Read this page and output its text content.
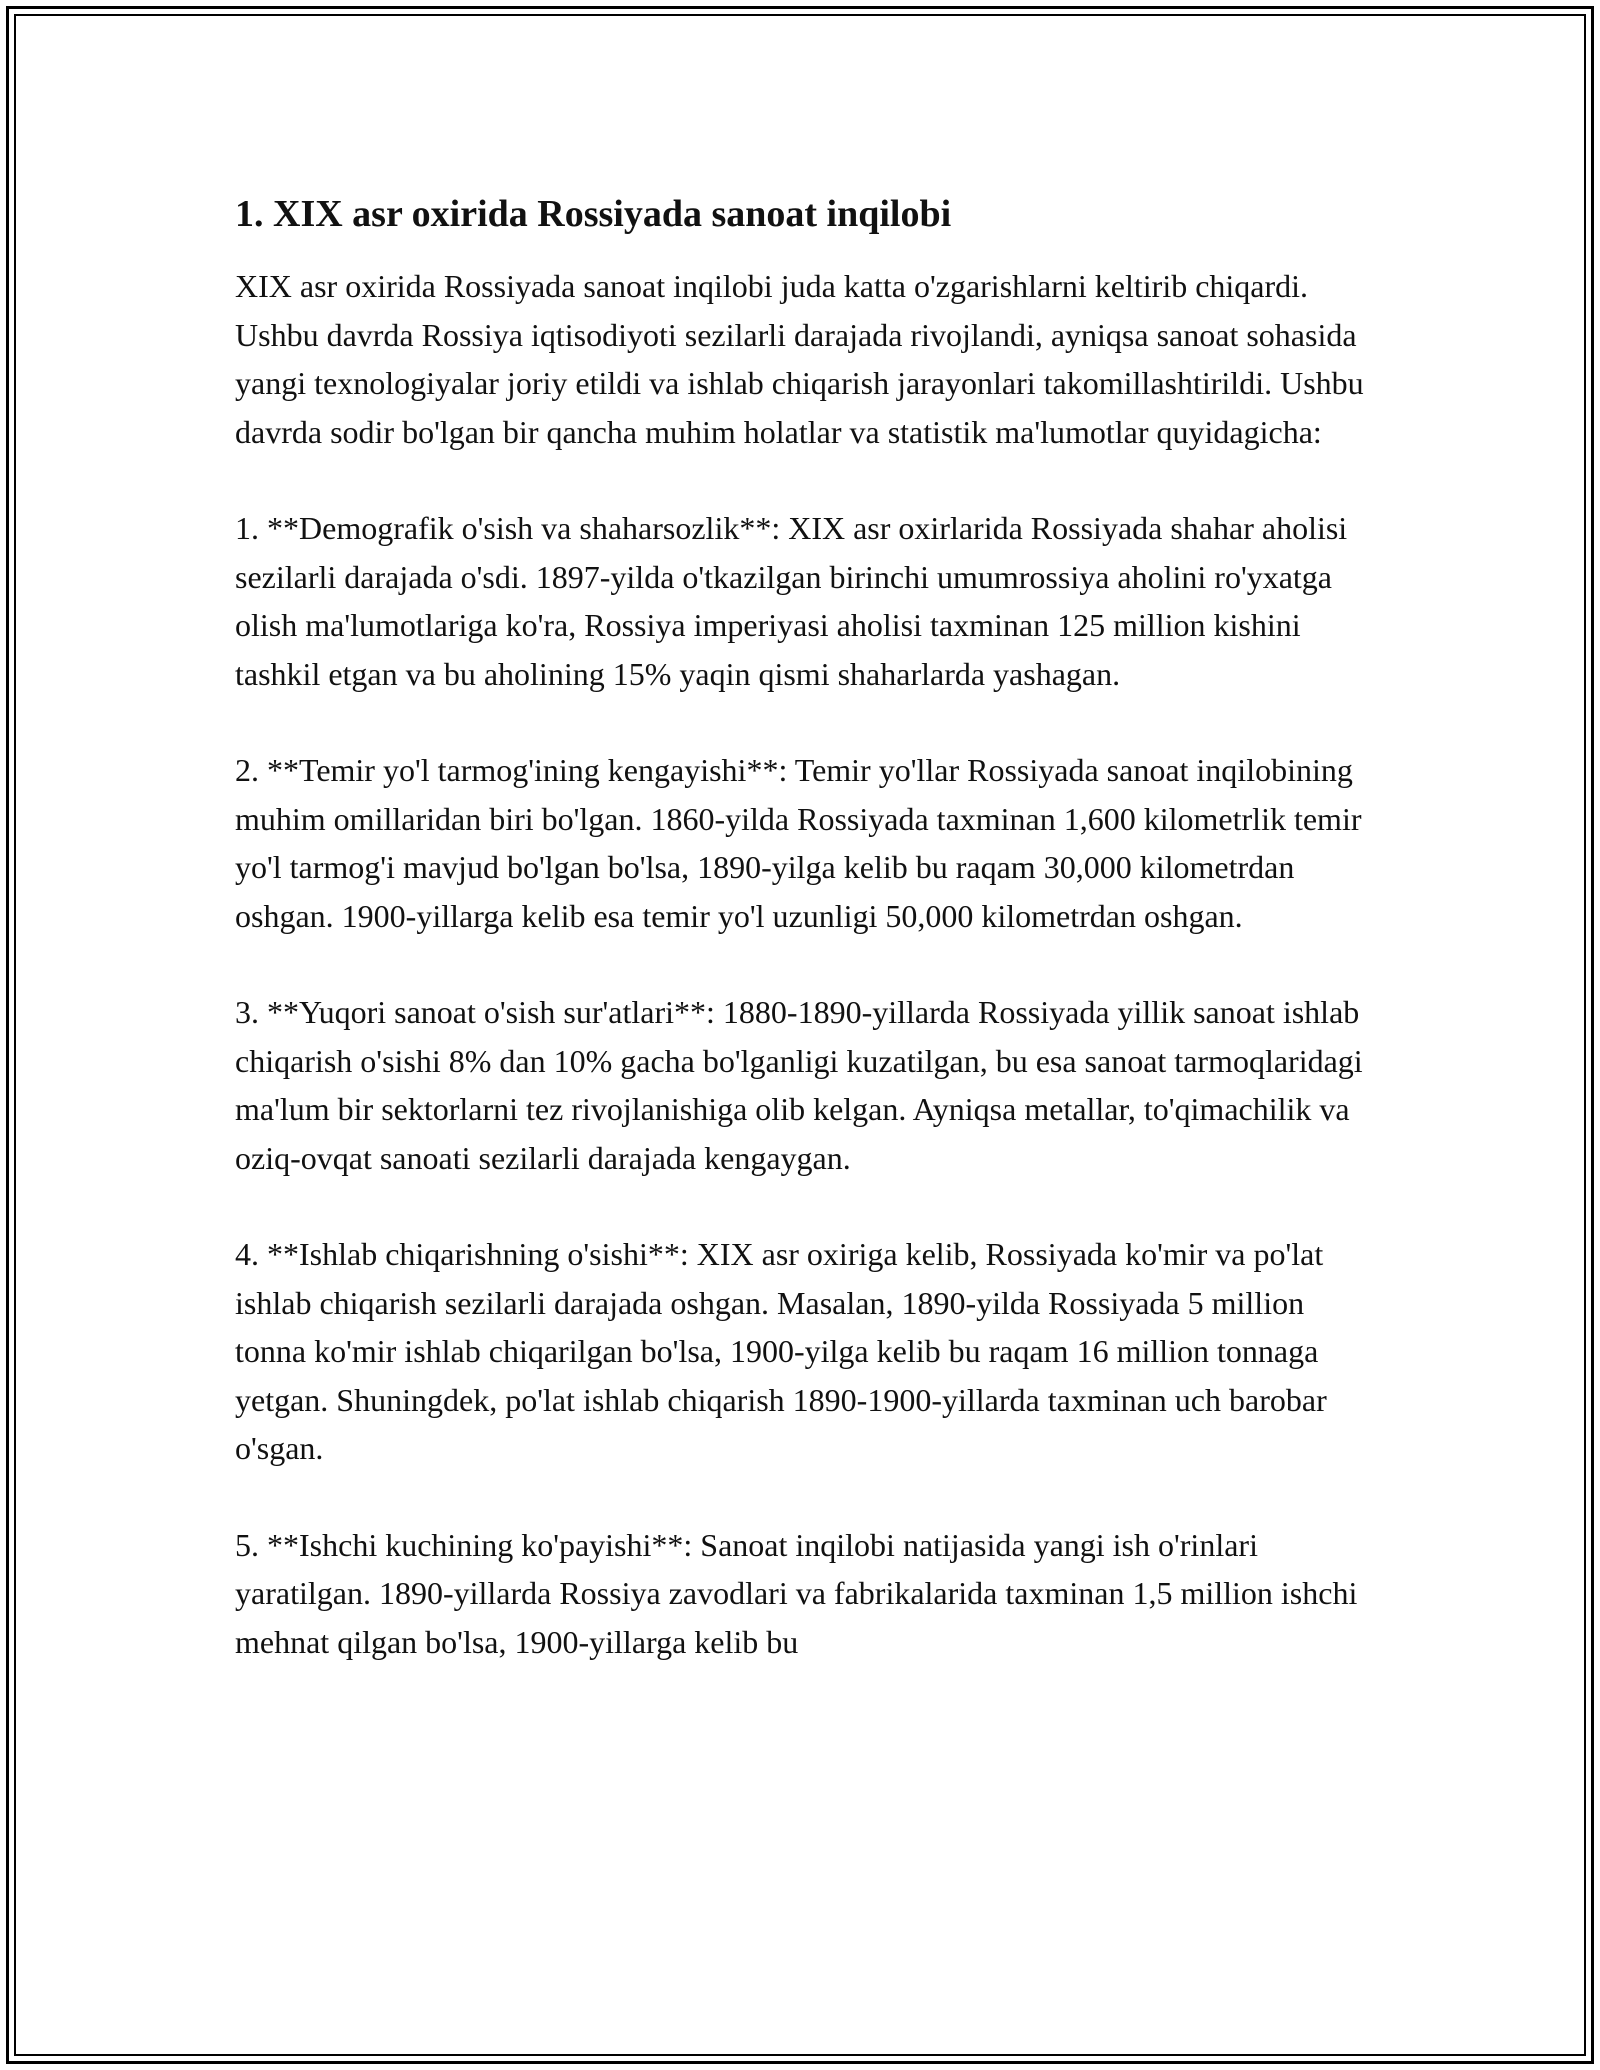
1. XIX asr oxirida Rossiyada sanoat inqilobi

XIX asr oxirida Rossiyada sanoat inqilobi juda katta o'zgarishlarni keltirib chiqardi. Ushbu davrda Rossiya iqtisodiyoti sezilarli darajada rivojlandi, ayniqsa sanoat sohasida yangi texnologiyalar joriy etildi va ishlab chiqarish jarayonlari takomillashtirildi. Ushbu davrda sodir bo'lgan bir qancha muhim holatlar va statistik ma'lumotlar quyidagicha:

1. **Demografik o'sish va shaharsozlik**: XIX asr oxirlarida Rossiyada shahar aholisi sezilarli darajada o'sdi. 1897-yilda o'tkazilgan birinchi umumrossiya aholini ro'yxatga olish ma'lumotlariga ko'ra, Rossiya imperiyasi aholisi taxminan 125 million kishini tashkil etgan va bu aholining 15% yaqin qismi shaharlarda yashagan.

2. **Temir yo'l tarmog'ining kengayishi**: Temir yo'llar Rossiyada sanoat inqilobining muhim omillaridan biri bo'lgan. 1860-yilda Rossiyada taxminan 1,600 kilometrlik temir yo'l tarmog'i mavjud bo'lgan bo'lsa, 1890-yilga kelib bu raqam 30,000 kilometrdan oshgan. 1900-yillarga kelib esa temir yo'l uzunligi 50,000 kilometrdan oshgan.

3. **Yuqori sanoat o'sish sur'atlari**: 1880-1890-yillarda Rossiyada yillik sanoat ishlab chiqarish o'sishi 8% dan 10% gacha bo'lganligi kuzatilgan, bu esa sanoat tarmoqlaridagi ma'lum bir sektorlarni tez rivojlanishiga olib kelgan. Ayniqsa metallar, to'qimachilik va oziq-ovqat sanoati sezilarli darajada kengaygan.

4. **Ishlab chiqarishning o'sishi**: XIX asr oxiriga kelib, Rossiyada ko'mir va po'lat ishlab chiqarish sezilarli darajada oshgan. Masalan, 1890-yilda Rossiyada 5 million tonna ko'mir ishlab chiqarilgan bo'lsa, 1900-yilga kelib bu raqam 16 million tonnaga yetgan. Shuningdek, po'lat ishlab chiqarish 1890-1900-yillarda taxminan uch barobar o'sgan.

5. **Ishchi kuchining ko'payishi**: Sanoat inqilobi natijasida yangi ish o'rinlari yaratilgan. 1890-yillarda Rossiya zavodlari va fabrikalarida taxminan 1,5 million ishchi mehnat qilgan bo'lsa, 1900-yillarga kelib bu
